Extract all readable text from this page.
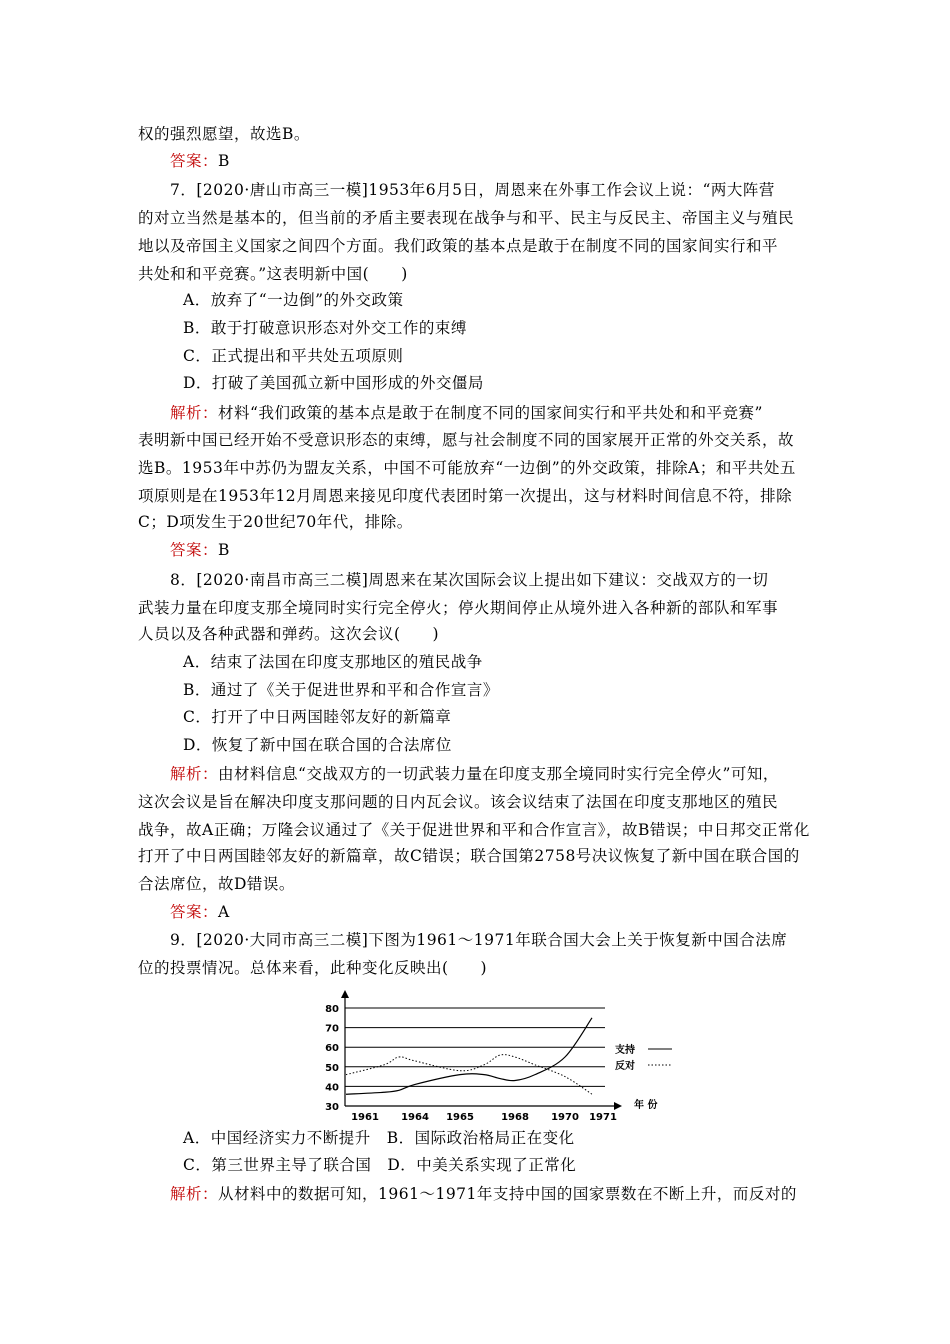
权的强烈愿望，故选B。
答案：B
7．[2020·唐山市高三一模]1953年6月5日，周恩来在外事工作会议上说：“两大阵营
的对立当然是基本的，但当前的矛盾主要表现在战争与和平、民主与反民主、帝国主义与殖民
地以及帝国主义国家之间四个方面。我们政策的基本点是敢于在制度不同的国家间实行和平
共处和和平竞赛。”这表明新中国(　　)
A．放弃了“一边倒”的外交政策
B．敢于打破意识形态对外交工作的束缚
C．正式提出和平共处五项原则
D．打破了美国孤立新中国形成的外交僵局
解析：材料“我们政策的基本点是敢于在制度不同的国家间实行和平共处和和平竞赛”
表明新中国已经开始不受意识形态的束缚，愿与社会制度不同的国家展开正常的外交关系，故
选B。1953年中苏仍为盟友关系，中国不可能放弃“一边倒”的外交政策，排除A；和平共处五
项原则是在1953年12月周恩来接见印度代表团时第一次提出，这与材料时间信息不符，排除
C；D项发生于20世纪70年代，排除。
答案：B
8．[2020·南昌市高三二模]周恩来在某次国际会议上提出如下建议：交战双方的一切
武装力量在印度支那全境同时实行完全停火；停火期间停止从境外进入各种新的部队和军事
人员以及各种武器和弹药。这次会议(　　)
A．结束了法国在印度支那地区的殖民战争
B．通过了《关于促进世界和平和合作宣言》
C．打开了中日两国睦邻友好的新篇章
D．恢复了新中国在联合国的合法席位
解析：由材料信息“交战双方的一切武装力量在印度支那全境同时实行完全停火”可知，
这次会议是旨在解决印度支那问题的日内瓦会议。该会议结束了法国在印度支那地区的殖民
战争，故A正确；万隆会议通过了《关于促进世界和平和合作宣言》，故B错误；中日邦交正常化
打开了中日两国睦邻友好的新篇章，故C错误；联合国第2758号决议恢复了新中国在联合国的
合法席位，故D错误。
答案：A
9．[2020·大同市高三二模]下图为1961～1971年联合国大会上关于恢复新中国合法席
位的投票情况。总体来看，此种变化反映出(　　)
30
40
50
60
70
80
1961 1964 1965	1968 1970 1971
年 份
支持
反对
A．中国经济实力不断提升　B．国际政治格局正在变化
C．第三世界主导了联合国　D．中美关系实现了正常化
解析：从材料中的数据可知，1961～1971年支持中国的国家票数在不断上升，而反对的
